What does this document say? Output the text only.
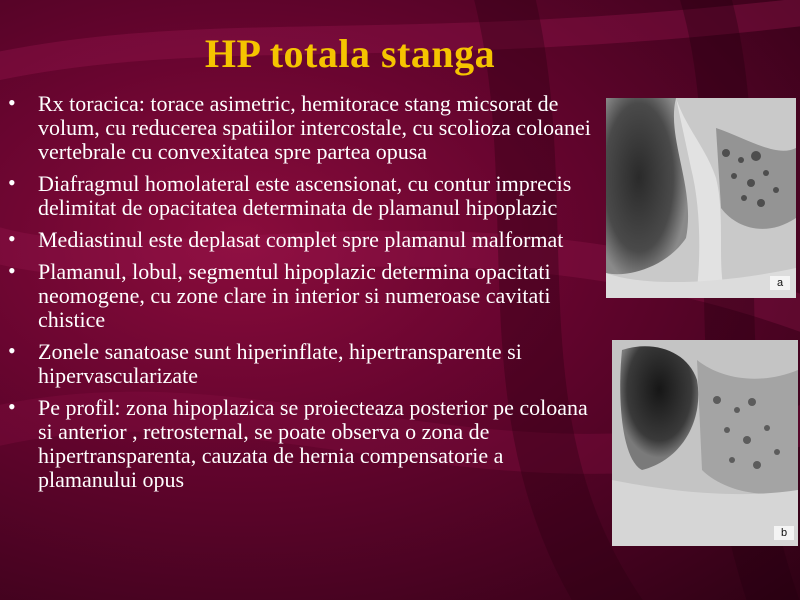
HP totala stanga
• Rx toracica: torace asimetric, hemitorace stang micsorat de volum, cu reducerea spatiilor intercostale, cu scolioza coloanei vertebrale cu convexitatea spre partea opusa
• Diafragmul homolateral este ascensionat, cu contur imprecis delimitat de opacitatea determinata de plamanul hipoplazic
• Mediastinul este deplasat complet spre plamanul malformat
• Plamanul, lobul, segmentul hipoplazic determina opacitati neomogene, cu zone clare in interior si numeroase cavitati chistice
• Zonele sanatoase sunt hiperinflate, hipertransparente si hipervascularizate
• Pe profil: zona hipoplazica se proiecteaza posterior pe coloana si anterior , retrosternal, se poate observa o zona de hipertransparenta, cauzata de hernia compensatorie a plamanului opus
a
b
